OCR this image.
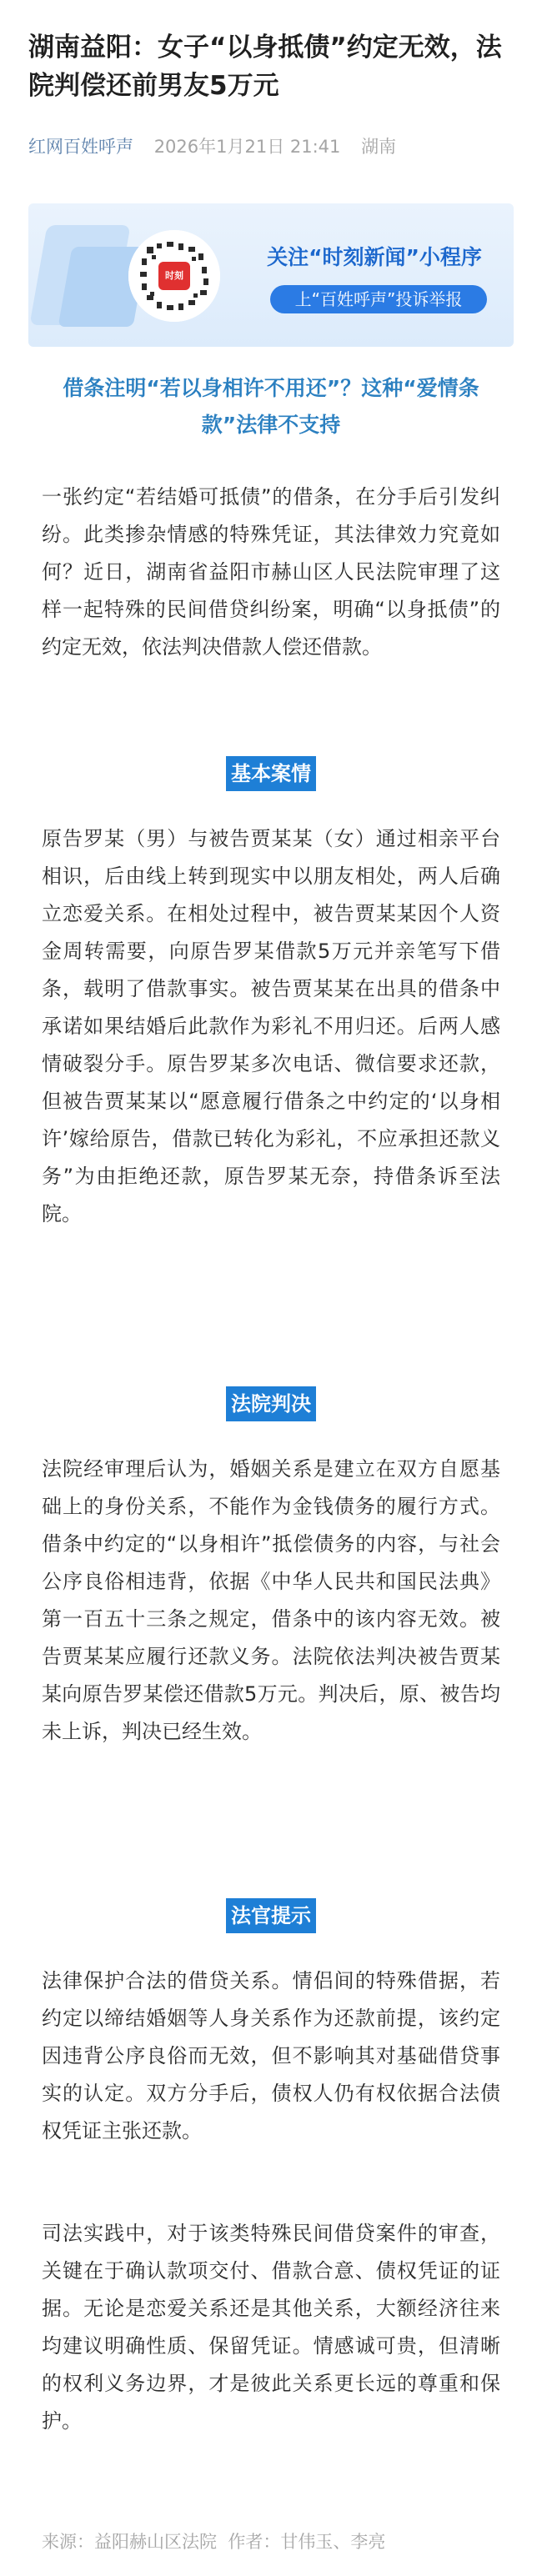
湖南益阳：女子“以身抵债”约定无效，法院判偿还前男友5万元
红网百姓呼声 2026年1月21日 21:41 湖南
时刻
关注“时刻新闻”小程序
上“百姓呼声”投诉举报
借条注明“若以身相许不用还”？这种“爱情条款”法律不支持
一张约定“若结婚可抵债”的借条，在分手后引发纠纷。此类掺杂情感的特殊凭证，其法律效力究竟如何？近日，湖南省益阳市赫山区人民法院审理了这样一起特殊的民间借贷纠纷案，明确“以身抵债”的约定无效，依法判决借款人偿还借款。
基本案情
原告罗某（男）与被告贾某某（女）通过相亲平台相识，后由线上转到现实中以朋友相处，两人后确立恋爱关系。在相处过程中，被告贾某某因个人资金周转需要，向原告罗某借款5万元并亲笔写下借条，载明了借款事实。被告贾某某在出具的借条中承诺如果结婚后此款作为彩礼不用归还。后两人感情破裂分手。原告罗某多次电话、微信要求还款，但被告贾某某以“愿意履行借条之中约定的‘以身相许’嫁给原告，借款已转化为彩礼，不应承担还款义务”为由拒绝还款，原告罗某无奈，持借条诉至法院。
法院判决
法院经审理后认为，婚姻关系是建立在双方自愿基础上的身份关系，不能作为金钱债务的履行方式。借条中约定的“以身相许”抵偿债务的内容，与社会公序良俗相违背，依据《中华人民共和国民法典》第一百五十三条之规定，借条中的该内容无效。被告贾某某应履行还款义务。法院依法判决被告贾某某向原告罗某偿还借款5万元。判决后，原、被告均未上诉，判决已经生效。
法官提示
法律保护合法的借贷关系。情侣间的特殊借据，若约定以缔结婚姻等人身关系作为还款前提，该约定因违背公序良俗而无效，但不影响其对基础借贷事实的认定。双方分手后，债权人仍有权依据合法债权凭证主张还款。
司法实践中，对于该类特殊民间借贷案件的审查，关键在于确认款项交付、借款合意、债权凭证的证据。无论是恋爱关系还是其他关系，大额经济往来均建议明确性质、保留凭证。情感诚可贵，但清晰的权利义务边界，才是彼此关系更长远的尊重和保护。
来源：益阳赫山区法院 作者：甘伟玉、李亮
